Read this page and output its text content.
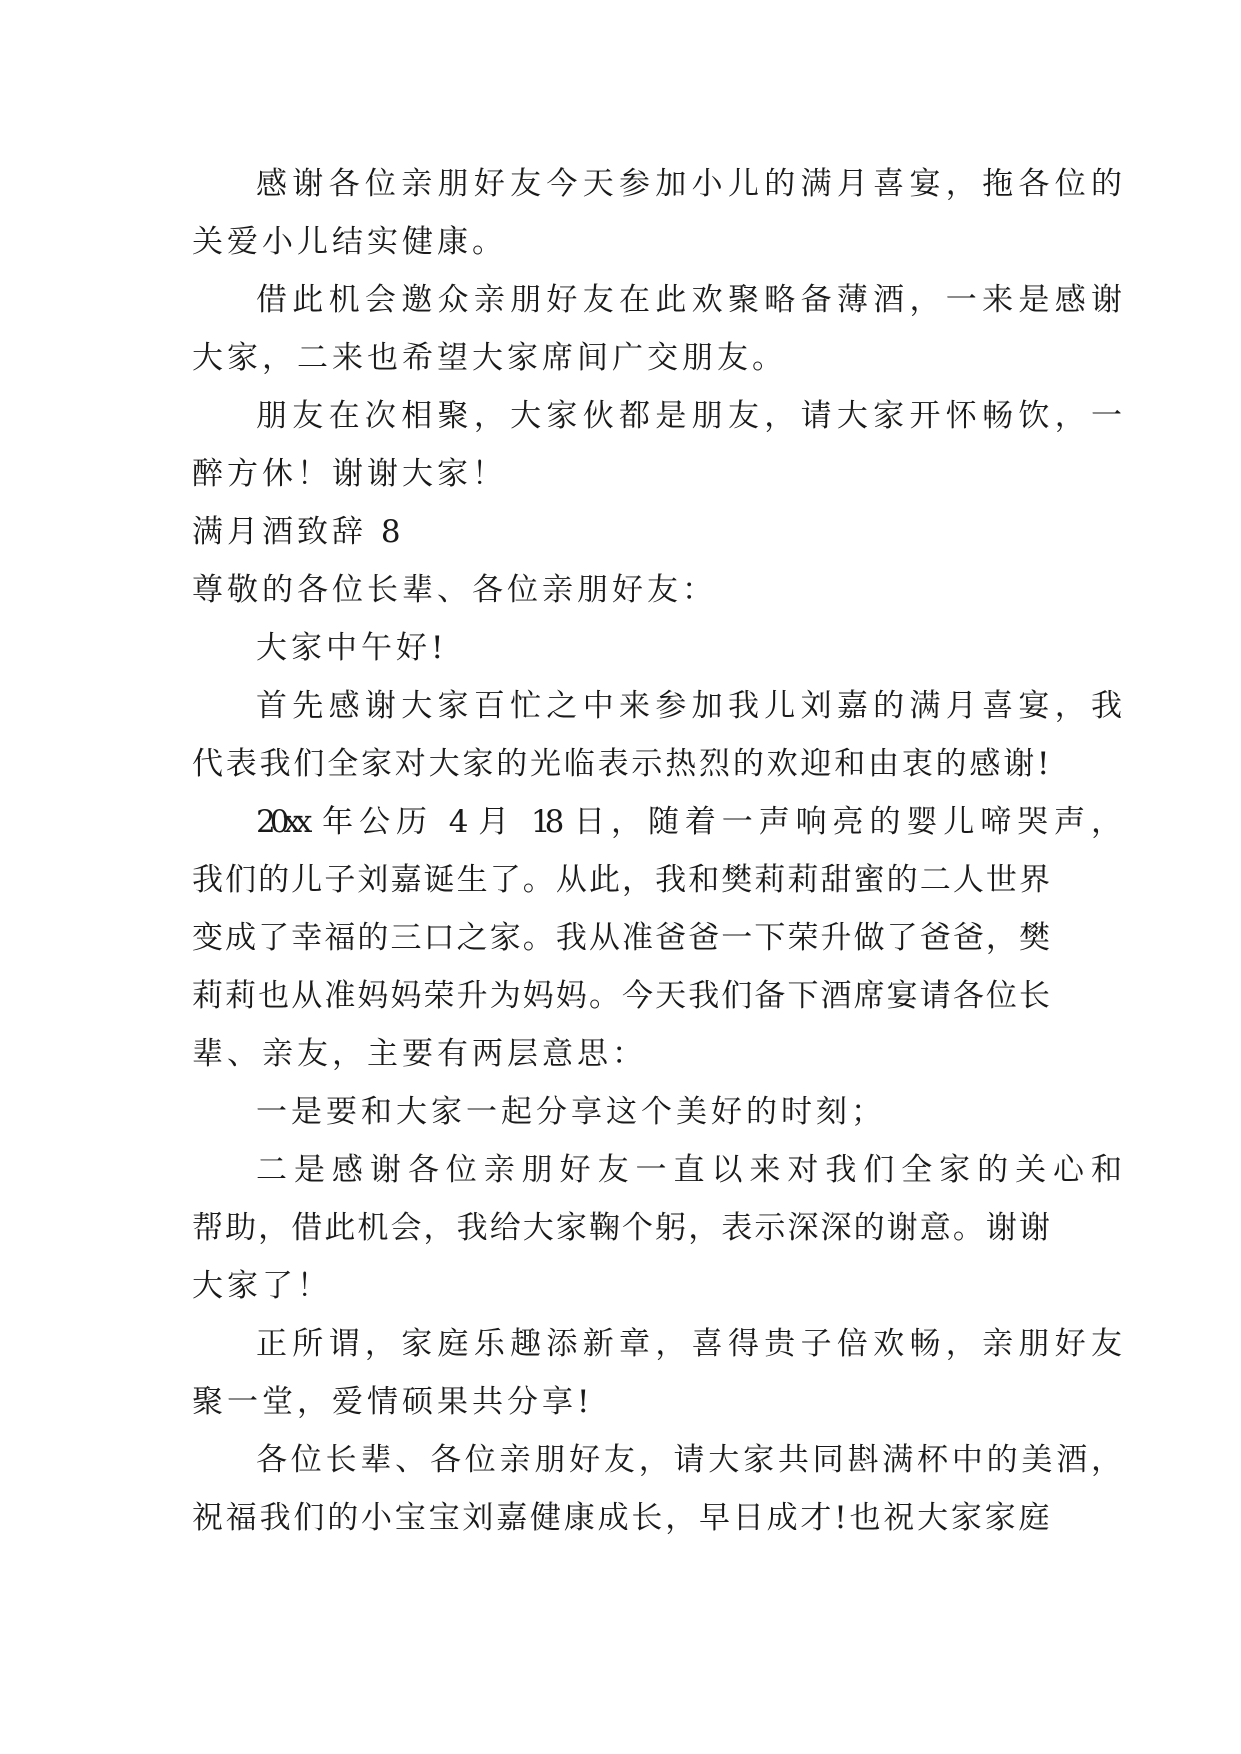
感谢各位亲朋好友今天参加小儿的满月喜宴，拖各位的
关爱小儿结实健康。
借此机会邀众亲朋好友在此欢聚略备薄酒，一来是感谢
大家，二来也希望大家席间广交朋友。
朋友在次相聚，大家伙都是朋友，请大家开怀畅饮，一
醉方休！谢谢大家！
满月酒致辞 8
尊敬的各位长辈、各位亲朋好友：
大家中午好!
首先感谢大家百忙之中来参加我儿刘嘉的满月喜宴，我
代表我们全家对大家的光临表示热烈的欢迎和由衷的感谢!
20xx 年公历 4 月 18 日，随着一声响亮的婴儿啼哭声，
我们的儿子刘嘉诞生了。从此，我和樊莉莉甜蜜的二人世界
变成了幸福的三口之家。我从准爸爸一下荣升做了爸爸，樊
莉莉也从准妈妈荣升为妈妈。今天我们备下酒席宴请各位长
辈、亲友，主要有两层意思：
一是要和大家一起分享这个美好的时刻；
二是感谢各位亲朋好友一直以来对我们全家的关心和
帮助，借此机会，我给大家鞠个躬，表示深深的谢意。谢谢
大家了！
正所谓，家庭乐趣添新章，喜得贵子倍欢畅，亲朋好友
聚一堂，爱情硕果共分享!
各位长辈、各位亲朋好友，请大家共同斟满杯中的美酒，
祝福我们的小宝宝刘嘉健康成长，早日成才!也祝大家家庭
